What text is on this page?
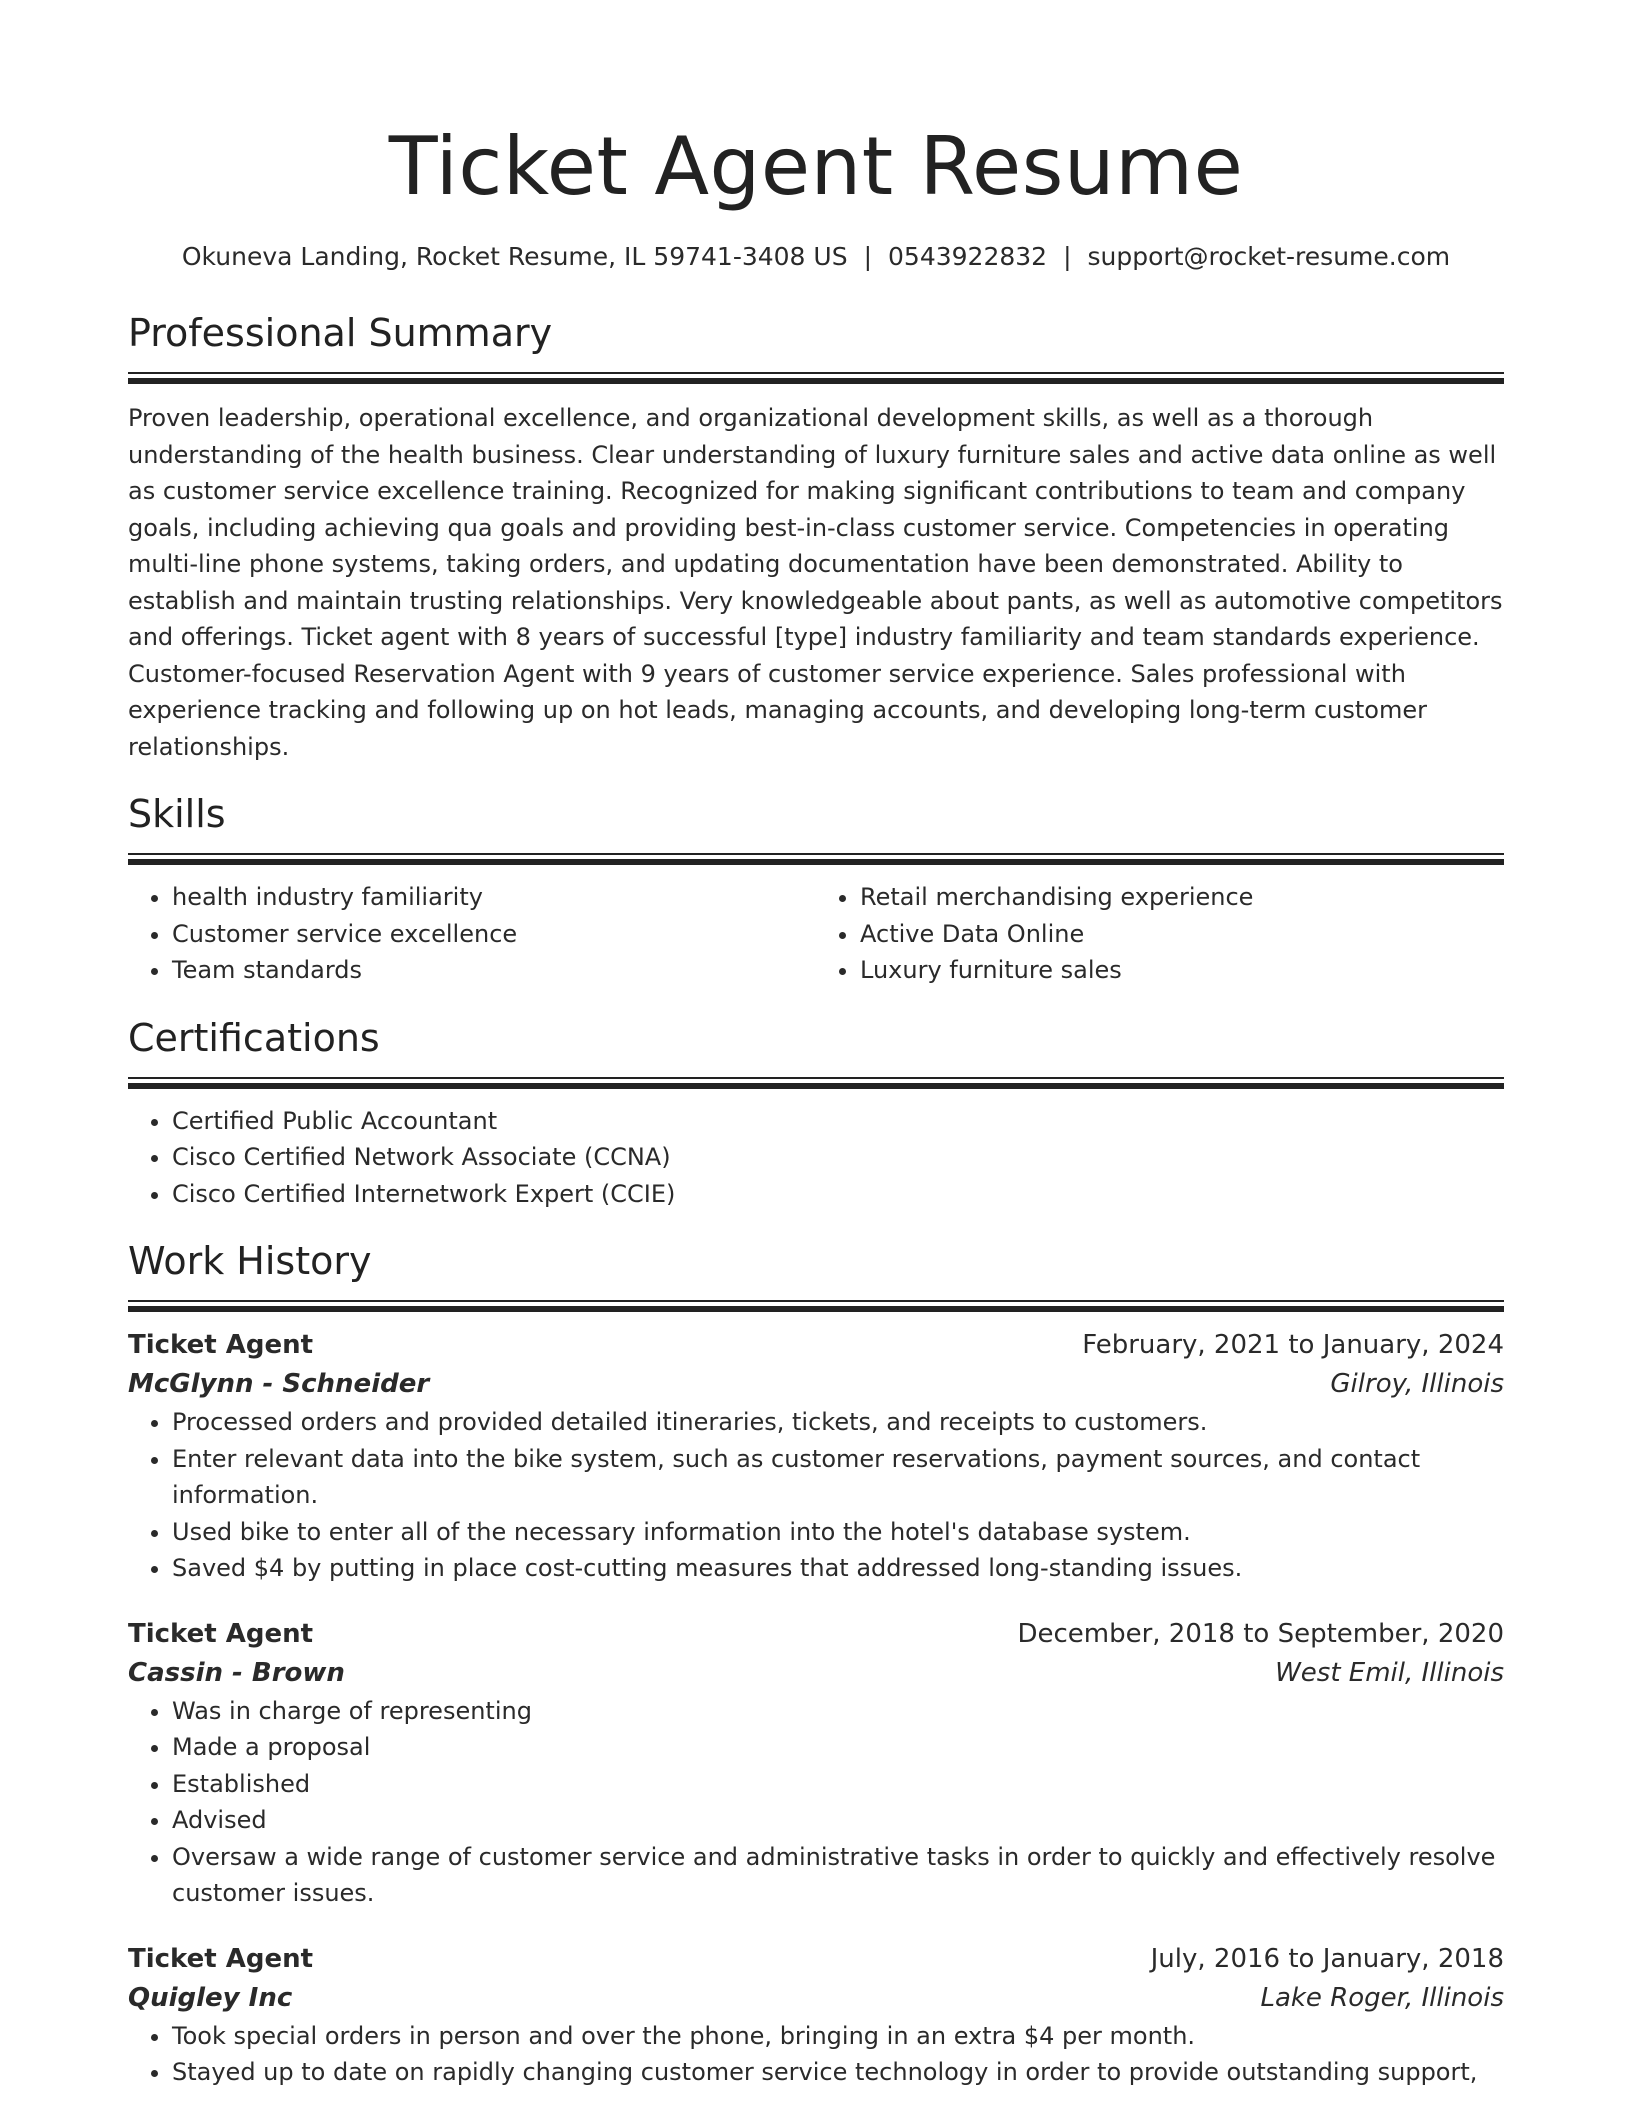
Ticket Agent Resume
Okuneva Landing, Rocket Resume, IL 59741-3408 US | 0543922832 | support@rocket-resume.com
Professional Summary

Proven leadership, operational excellence, and organizational development skills, as well as a thorough understanding of the health business. Clear understanding of luxury furniture sales and active data online as well as customer service excellence training. Recognized for making significant contributions to team and company goals, including achieving qua goals and providing best-in-class customer service. Competencies in operating multi-line phone systems, taking orders, and updating documentation have been demonstrated. Ability to establish and maintain trusting relationships. Very knowledgeable about pants, as well as automotive competitors and offerings. Ticket agent with 8 years of successful [type] industry familiarity and team standards experience. Customer-focused Reservation Agent with 9 years of customer service experience. Sales professional with experience tracking and following up on hot leads, managing accounts, and developing long-term customer relationships.

Skills
• health industry familiarity
• Customer service excellence
• Team standards
• Retail merchandising experience
• Active Data Online
• Luxury furniture sales
Certifications
• Certified Public Accountant
• Cisco Certified Network Associate (CCNA)
• Cisco Certified Internetwork Expert (CCIE)
Work History
Ticket Agent	February, 2021 to January, 2024
McGlynn - Schneider	Gilroy, Illinois
• Processed orders and provided detailed itineraries, tickets, and receipts to customers.
• Enter relevant data into the bike system, such as customer reservations, payment sources, and contact information.
• Used bike to enter all of the necessary information into the hotel's database system.
• Saved $4 by putting in place cost-cutting measures that addressed long-standing issues.
Ticket Agent	December, 2018 to September, 2020
Cassin - Brown	West Emil, Illinois
• Was in charge of representing
• Made a proposal
• Established
• Advised
• Oversaw a wide range of customer service and administrative tasks in order to quickly and effectively resolve customer issues.
Ticket Agent	July, 2016 to January, 2018
Quigley Inc	Lake Roger, Illinois
• Took special orders in person and over the phone, bringing in an extra $4 per month.
• Stayed up to date on rapidly changing customer service technology in order to provide outstanding support,
